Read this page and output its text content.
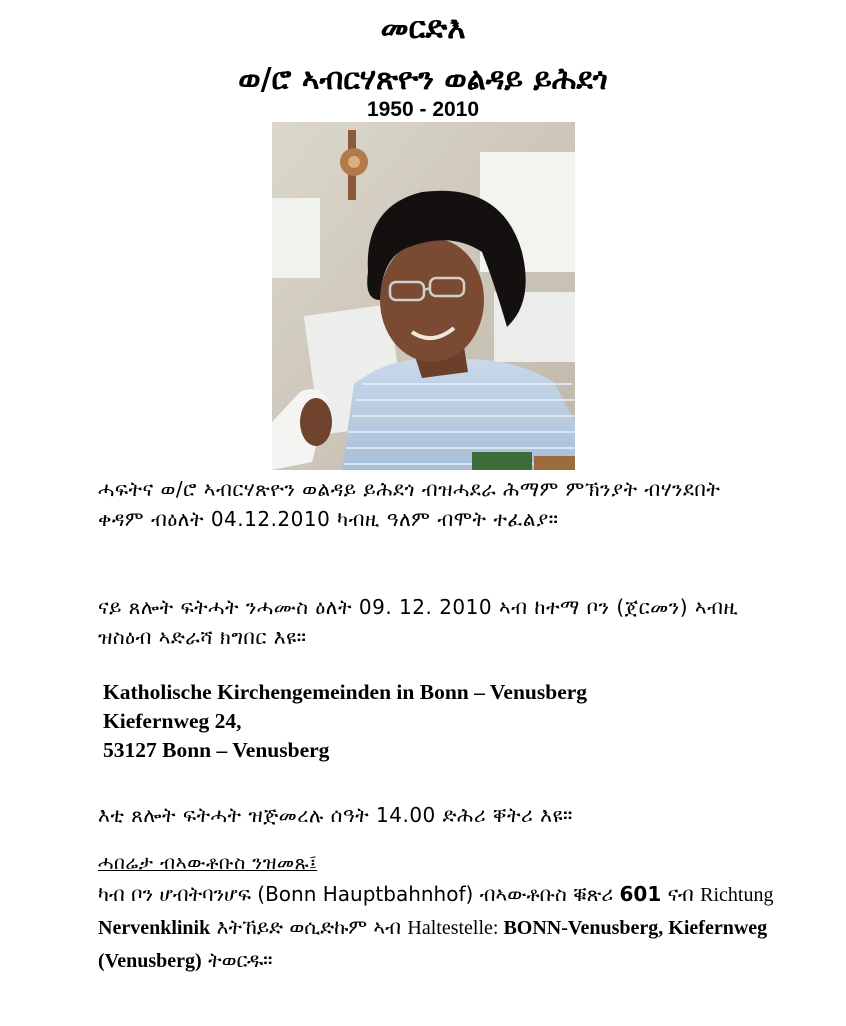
መርድእ
ወ/ሮ ኣብርሃጽዮን ወልዳይ ይሕደጎ
1950 - 2010
ሓፍትና ወ/ሮ ኣብርሃጽዮን ወልዳይ ይሕደጎ ብዝሓደራ ሕማም ምኽንያት ብሃንደበት ቀዳም ብዕለት 04.12.2010 ካብዚ ዓለም ብሞት ተፈልያ።
ናይ ጸሎት ፍትሓት ንሓሙስ ዕለት 09. 12. 2010 ኣብ ከተማ ቦን (ጀርመን) ኣብዚ ዝስዕብ ኣድራሻ ክግበር እዩ።
Katholische Kirchengemeinden in Bonn – Venusberg
Kiefernweg 24,
53127 Bonn – Venusberg
እቲ ጸሎት ፍትሓት ዝጅመረሉ ሰዓት 14.00 ድሕሪ ቐትሪ እዩ።
ሓበሬታ ብኣውቶቡስ ንዝመጹ፤
ካብ ቦን ሆብትባንሆፍ (Bonn Hauptbahnhof) ብኣውቶቡስ ቑጽሪ 601 ናብ Richtung Nervenklinik እትኸይድ ወሲድኩም ኣብ Haltestelle: BONN-Venusberg, Kiefernweg (Venusberg) ትወርዱ።
